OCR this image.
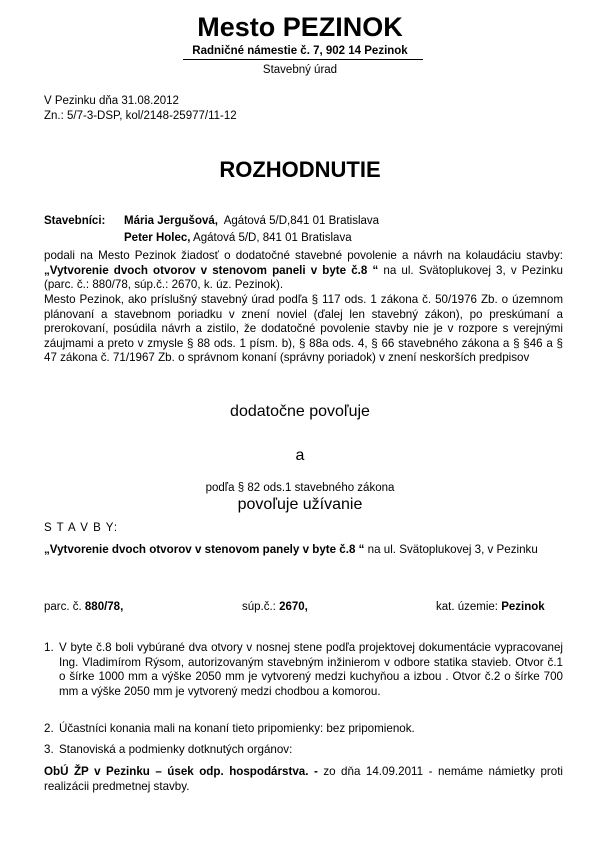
Mesto PEZINOK
Radničné námestie č. 7, 902 14 Pezinok
Stavebný úrad
V Pezinku dňa 31.08.2012
Zn.: 5/7-3-DSP, kol/2148-25977/11-12
ROZHODNUTIE
Stavebníci: Mária Jergušová, Agátová 5/D,841 01 Bratislava
Peter Holec, Agátová 5/D, 841 01 Bratislava

podali na Mesto Pezinok žiadosť o dodatočné stavebné povolenie a návrh na kolaudáciu stavby: „Vytvorenie dvoch otvorov v stenovom paneli v byte č.8 “ na ul. Svätoplukovej 3, v Pezinku (parc. č.: 880/78, súp.č.: 2670, k. úz. Pezinok).

Mesto Pezinok, ako príslušný stavebný úrad podľa § 117 ods. 1 zákona č. 50/1976 Zb. o územnom plánovaní a stavebnom poriadku v znení noviel (ďalej len stavebný zákon), po preskúmaní a prerokovaní, posúdila návrh a zistilo, že dodatočné povolenie stavby nie je v rozpore s verejnými záujmami a preto v zmysle § 88 ods. 1 písm. b), § 88a ods. 4, § 66 stavebného zákona a § §46 a § 47 zákona č. 71/1967 Zb. o správnom konaní (správny poriadok) v znení neskorších predpisov

dodatočne povoľuje
a
podľa § 82 ods.1 stavebného zákona
povoľuje užívanie
S T A V B Y:

„Vytvorenie dvoch otvorov v stenovom panely v byte č.8 “ na ul. Svätoplukovej 3, v Pezinku

parc. č. 880/78,	súp.č.: 2670,	kat. územie: Pezinok
1. V byte č.8 boli vybúrané dva otvory v nosnej stene podľa projektovej dokumentácie vypracovanej Ing. Vladimírom Rýsom, autorizovaným stavebným inžinierom v odbore statika stavieb. Otvor č.1 o šírke 1000 mm a výške 2050 mm je vytvorený medzi kuchyňou a izbou . Otvor č.2 o šírke 700 mm a výške 2050 mm je vytvorený medzi chodbou a komorou.
2. Účastníci konania mali na konaní tieto pripomienky: bez pripomienok.
3. Stanoviská a podmienky dotknutých orgánov:

ObÚ ŽP v Pezinku – úsek odp. hospodárstva. - zo dňa 14.09.2011 - nemáme námietky proti realizácii predmetnej stavby.
